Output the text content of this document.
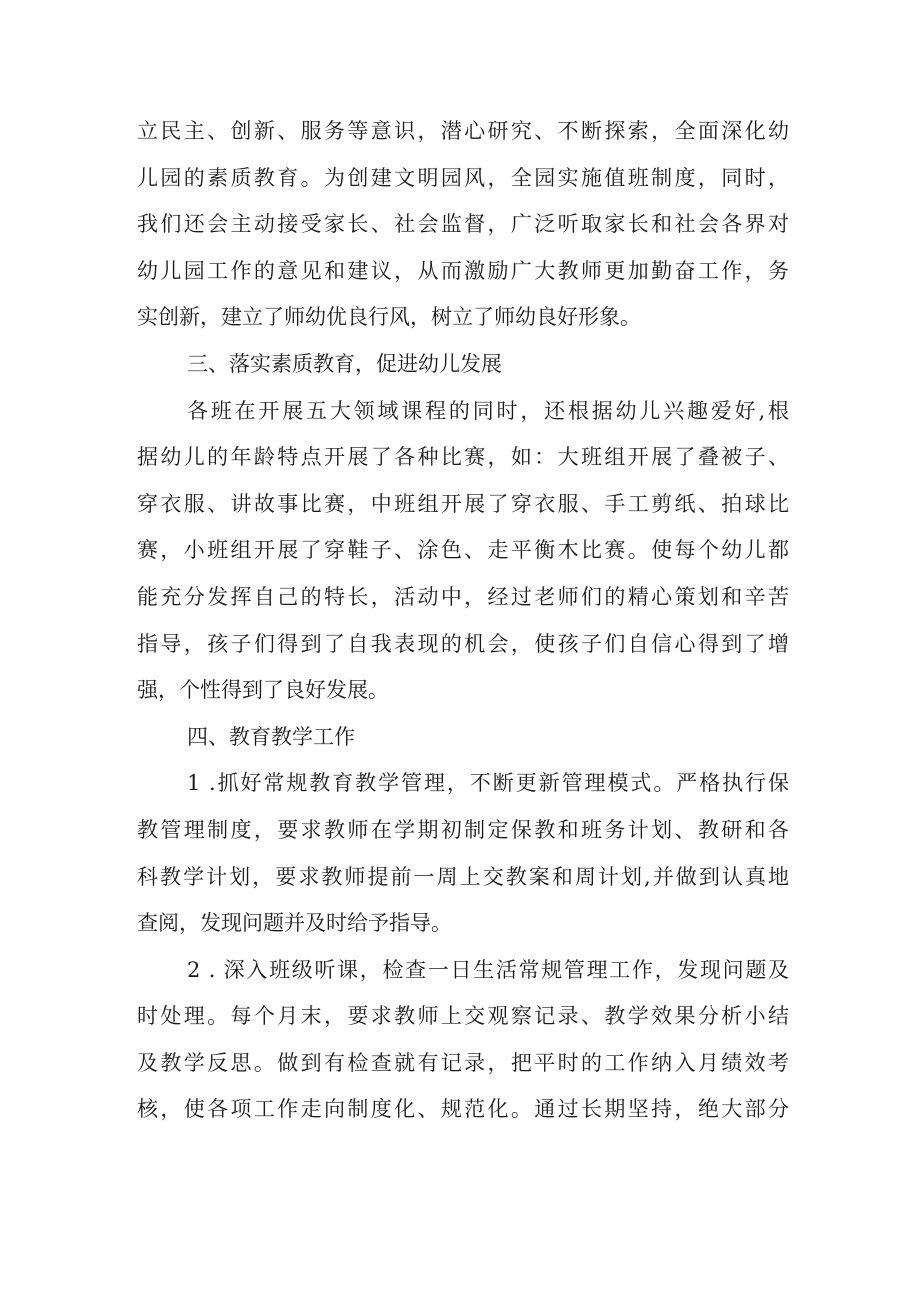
立民主、创新、服务等意识，潜心研究、不断探索，全面深化幼
儿园的素质教育。为创建文明园风，全园实施值班制度，同时，
我们还会主动接受家长、社会监督，广泛听取家长和社会各界对
幼儿园工作的意见和建议，从而激励广大教师更加勤奋工作，务
实创新，建立了师幼优良行风，树立了师幼良好形象。
三、落实素质教育，促进幼儿发展
各班在开展五大领域课程的同时，还根据幼儿兴趣爱好,根
据幼儿的年龄特点开展了各种比赛，如：大班组开展了叠被子、
穿衣服、讲故事比赛，中班组开展了穿衣服、手工剪纸、拍球比
赛，小班组开展了穿鞋子、涂色、走平衡木比赛。使每个幼儿都
能充分发挥自己的特长，活动中，经过老师们的精心策划和辛苦
指导，孩子们得到了自我表现的机会，使孩子们自信心得到了增
强，个性得到了良好发展。
四、教育教学工作
1 .抓好常规教育教学管理，不断更新管理模式。严格执行保
教管理制度，要求教师在学期初制定保教和班务计划、教研和各
科教学计划，要求教师提前一周上交教案和周计划,并做到认真地
查阅，发现问题并及时给予指导。
2 . 深入班级听课，检查一日生活常规管理工作，发现问题及
时处理。每个月末，要求教师上交观察记录、教学效果分析小结
及教学反思。做到有检查就有记录，把平时的工作纳入月绩效考
核，使各项工作走向制度化、规范化。通过长期坚持，绝大部分
